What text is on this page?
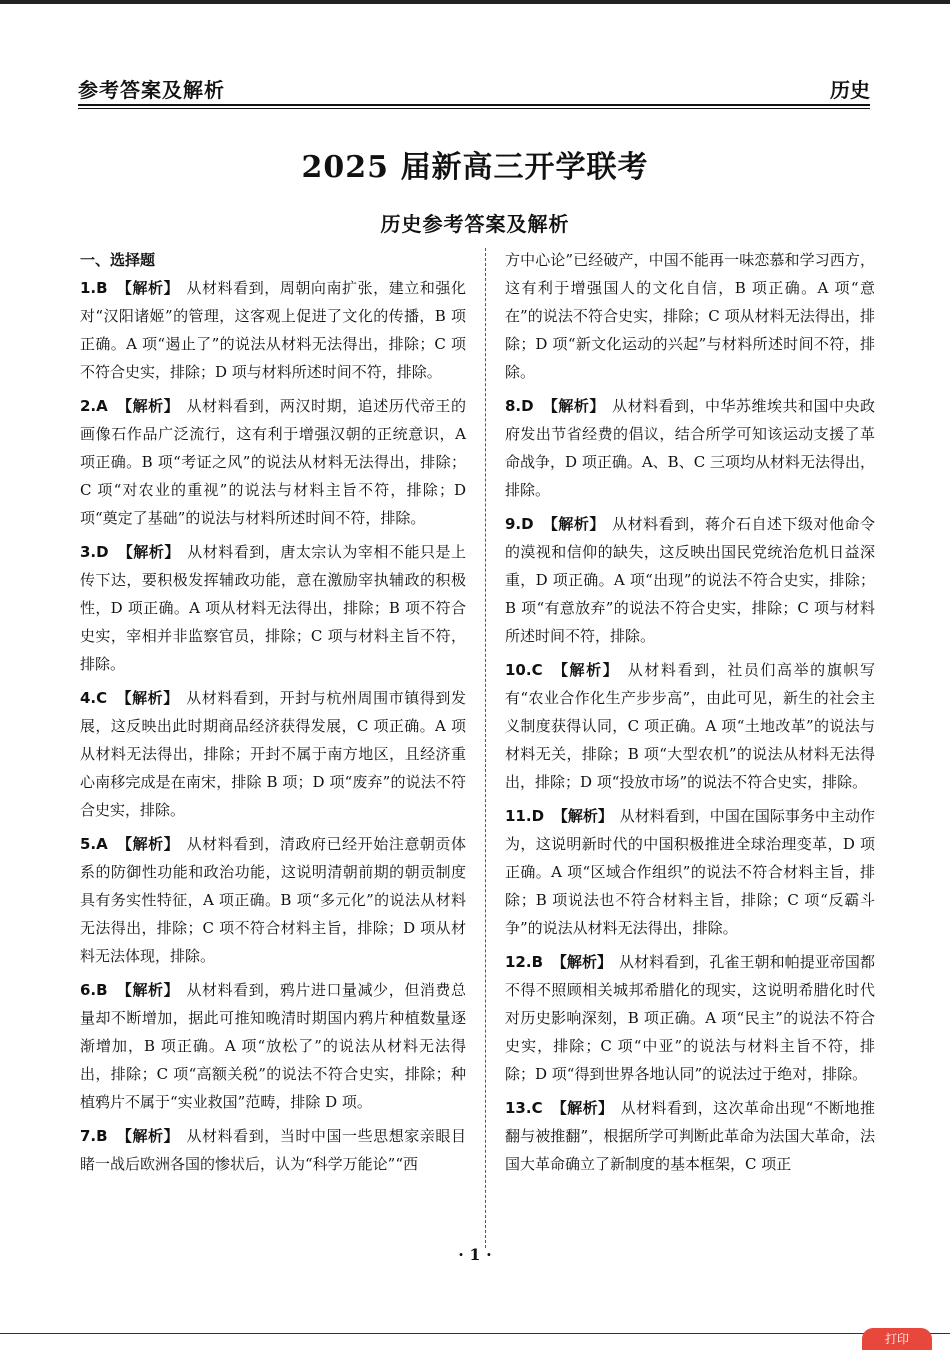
参考答案及解析	历史
2025 届新高三开学联考
历史参考答案及解析
一、选择题
1.B 【解析】 从材料看到，周朝向南扩张，建立和强化对“汉阳诸姬”的管理，这客观上促进了文化的传播，B 项正确。A 项“遏止了”的说法从材料无法得出，排除；C 项不符合史实，排除；D 项与材料所述时间不符，排除。
2.A 【解析】 从材料看到，两汉时期，追述历代帝王的画像石作品广泛流行，这有利于增强汉朝的正统意识，A 项正确。B 项“考证之风”的说法从材料无法得出，排除；C 项“对农业的重视”的说法与材料主旨不符，排除；D 项“奠定了基础”的说法与材料所述时间不符，排除。
3.D 【解析】 从材料看到，唐太宗认为宰相不能只是上传下达，要积极发挥辅政功能，意在激励宰执辅政的积极性，D 项正确。A 项从材料无法得出，排除；B 项不符合史实，宰相并非监察官员，排除；C 项与材料主旨不符，排除。
4.C 【解析】 从材料看到，开封与杭州周围市镇得到发展，这反映出此时期商品经济获得发展，C 项正确。A 项从材料无法得出，排除；开封不属于南方地区，且经济重心南移完成是在南宋，排除 B 项；D 项“废弃”的说法不符合史实，排除。
5.A 【解析】 从材料看到，清政府已经开始注意朝贡体系的防御性功能和政治功能，这说明清朝前期的朝贡制度具有务实性特征，A 项正确。B 项“多元化”的说法从材料无法得出，排除；C 项不符合材料主旨，排除；D 项从材料无法体现，排除。
6.B 【解析】 从材料看到，鸦片进口量减少，但消费总量却不断增加，据此可推知晚清时期国内鸦片种植数量逐渐增加，B 项正确。A 项“放松了”的说法从材料无法得出，排除；C 项“高额关税”的说法不符合史实，排除；种植鸦片不属于“实业救国”范畴，排除 D 项。
7.B 【解析】 从材料看到，当时中国一些思想家亲眼目睹一战后欧洲各国的惨状后，认为“科学万能论”“西
方中心论”已经破产，中国不能再一味恋慕和学习西方，这有利于增强国人的文化自信，B 项正确。A 项“意在”的说法不符合史实，排除；C 项从材料无法得出，排除；D 项“新文化运动的兴起”与材料所述时间不符，排除。
8.D 【解析】 从材料看到，中华苏维埃共和国中央政府发出节省经费的倡议，结合所学可知该运动支援了革命战争，D 项正确。A、B、C 三项均从材料无法得出，排除。
9.D 【解析】 从材料看到，蒋介石自述下级对他命令的漠视和信仰的缺失，这反映出国民党统治危机日益深重，D 项正确。A 项“出现”的说法不符合史实，排除；B 项“有意放弃”的说法不符合史实，排除；C 项与材料所述时间不符，排除。
10.C 【解析】 从材料看到，社员们高举的旗帜写有“农业合作化生产步步高”，由此可见，新生的社会主义制度获得认同，C 项正确。A 项“土地改革”的说法与材料无关，排除；B 项“大型农机”的说法从材料无法得出，排除；D 项“投放市场”的说法不符合史实，排除。
11.D 【解析】 从材料看到，中国在国际事务中主动作为，这说明新时代的中国积极推进全球治理变革，D 项正确。A 项“区域合作组织”的说法不符合材料主旨，排除；B 项说法也不符合材料主旨，排除；C 项“反霸斗争”的说法从材料无法得出，排除。
12.B 【解析】 从材料看到，孔雀王朝和帕提亚帝国都不得不照顾相关城邦希腊化的现实，这说明希腊化时代对历史影响深刻，B 项正确。A 项“民主”的说法不符合史实，排除；C 项“中亚”的说法与材料主旨不符，排除；D 项“得到世界各地认同”的说法过于绝对，排除。
13.C 【解析】 从材料看到，这次革命出现“不断地推翻与被推翻”，根据所学可判断此革命为法国大革命，法国大革命确立了新制度的基本框架，C 项正
· 1 ·
打印
